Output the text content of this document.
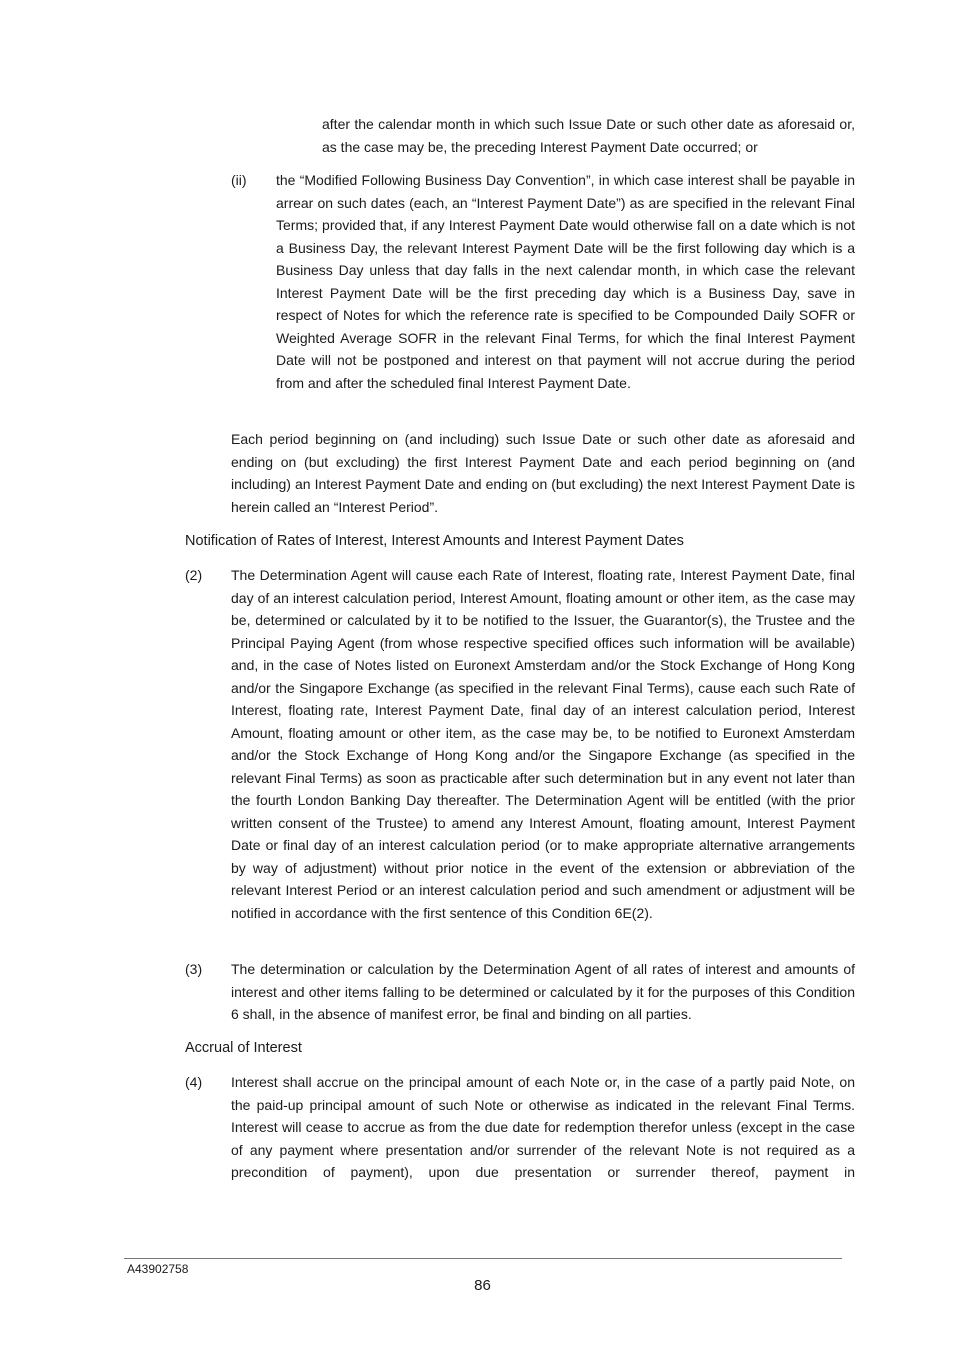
after the calendar month in which such Issue Date or such other date as aforesaid or, as the case may be, the preceding Interest Payment Date occurred; or

(ii) the “Modified Following Business Day Convention”, in which case interest shall be payable in arrear on such dates (each, an “Interest Payment Date”) as are specified in the relevant Final Terms; provided that, if any Interest Payment Date would otherwise fall on a date which is not a Business Day, the relevant Interest Payment Date will be the first following day which is a Business Day unless that day falls in the next calendar month, in which case the relevant Interest Payment Date will be the first preceding day which is a Business Day, save in respect of Notes for which the reference rate is specified to be Compounded Daily SOFR or Weighted Average SOFR in the relevant Final Terms, for which the final Interest Payment Date will not be postponed and interest on that payment will not accrue during the period from and after the scheduled final Interest Payment Date.

Each period beginning on (and including) such Issue Date or such other date as aforesaid and ending on (but excluding) the first Interest Payment Date and each period beginning on (and including) an Interest Payment Date and ending on (but excluding) the next Interest Payment Date is herein called an “Interest Period”.

Notification of Rates of Interest, Interest Amounts and Interest Payment Dates
(2) The Determination Agent will cause each Rate of Interest, floating rate, Interest Payment Date, final day of an interest calculation period, Interest Amount, floating amount or other item, as the case may be, determined or calculated by it to be notified to the Issuer, the Guarantor(s), the Trustee and the Principal Paying Agent (from whose respective specified offices such information will be available) and, in the case of Notes listed on Euronext Amsterdam and/or the Stock Exchange of Hong Kong and/or the Singapore Exchange (as specified in the relevant Final Terms), cause each such Rate of Interest, floating rate, Interest Payment Date, final day of an interest calculation period, Interest Amount, floating amount or other item, as the case may be, to be notified to Euronext Amsterdam and/or the Stock Exchange of Hong Kong and/or the Singapore Exchange (as specified in the relevant Final Terms) as soon as practicable after such determination but in any event not later than the fourth London Banking Day thereafter. The Determination Agent will be entitled (with the prior written consent of the Trustee) to amend any Interest Amount, floating amount, Interest Payment Date or final day of an interest calculation period (or to make appropriate alternative arrangements by way of adjustment) without prior notice in the event of the extension or abbreviation of the relevant Interest Period or an interest calculation period and such amendment or adjustment will be notified in accordance with the first sentence of this Condition 6E(2).

(3) The determination or calculation by the Determination Agent of all rates of interest and amounts of interest and other items falling to be determined or calculated by it for the purposes of this Condition 6 shall, in the absence of manifest error, be final and binding on all parties.

Accrual of Interest
(4) Interest shall accrue on the principal amount of each Note or, in the case of a partly paid Note, on the paid-up principal amount of such Note or otherwise as indicated in the relevant Final Terms. Interest will cease to accrue as from the due date for redemption therefor unless (except in the case of any payment where presentation and/or surrender of the relevant Note is not required as a precondition of payment), upon due presentation or surrender thereof, payment in

A43902758
86
